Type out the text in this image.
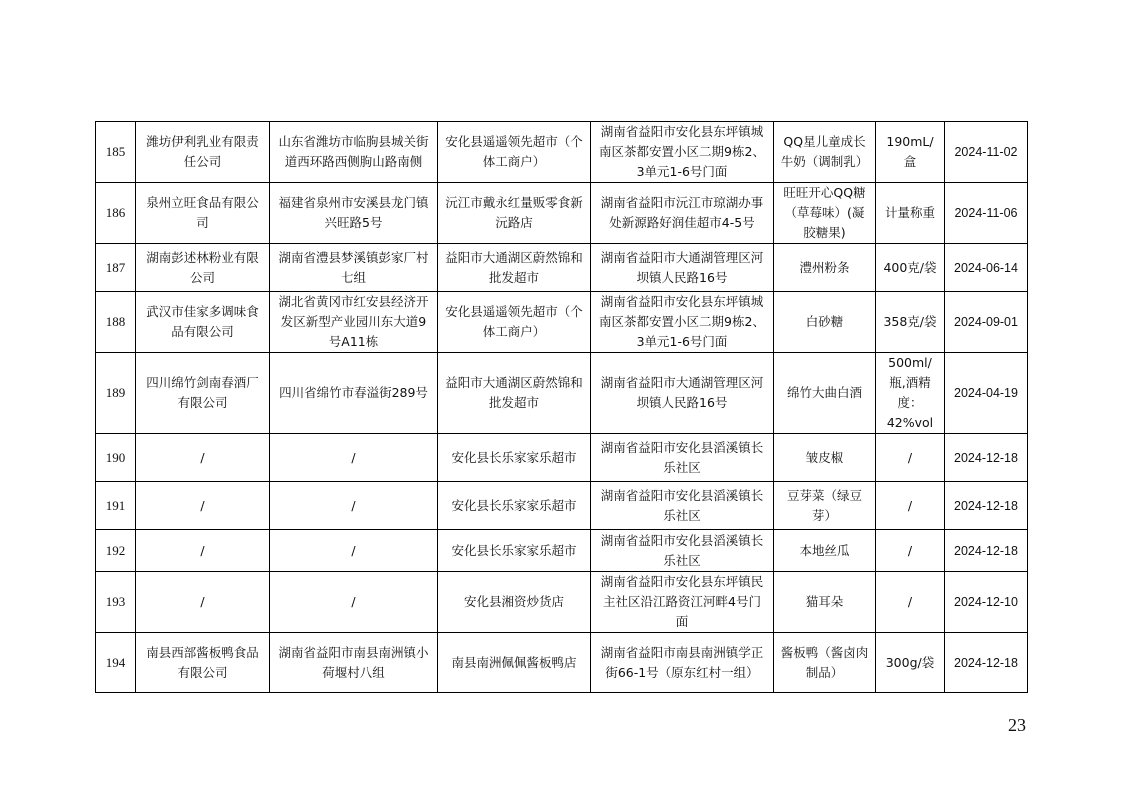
185	潍坊伊利乳业有限责任公司	山东省潍坊市临朐县城关街道西环路西侧朐山路南侧	安化县遥遥领先超市（个体工商户）	湖南省益阳市安化县东坪镇城南区茶都安置小区二期9栋2、3单元1-6号门面	QQ星儿童成长牛奶（调制乳）	190mL/盒	2024-11-02
186	泉州立旺食品有限公司	福建省泉州市安溪县龙门镇兴旺路5号	沅江市戴永红量贩零食新沅路店	湖南省益阳市沅江市琼湖办事处新源路好润佳超市4-5号	旺旺开心QQ糖（草莓味）(凝胶糖果)	计量称重	2024-11-06
187	湖南彭述林粉业有限公司	湖南省澧县梦溪镇彭家厂村七组	益阳市大通湖区蔚然锦和批发超市	湖南省益阳市大通湖管理区河坝镇人民路16号	澧州粉条	400克/袋	2024-06-14
188	武汉市佳家多调味食品有限公司	湖北省黄冈市红安县经济开发区新型产业园川东大道9号A11栋	安化县遥遥领先超市（个体工商户）	湖南省益阳市安化县东坪镇城南区茶都安置小区二期9栋2、3单元1-6号门面	白砂糖	358克/袋	2024-09-01
189	四川绵竹剑南春酒厂有限公司	四川省绵竹市春溢街289号	益阳市大通湖区蔚然锦和批发超市	湖南省益阳市大通湖管理区河坝镇人民路16号	绵竹大曲白酒	500ml/瓶,酒精度：42%vol	2024-04-19
190	/	/	安化县长乐家家乐超市	湖南省益阳市安化县滔溪镇长乐社区	皱皮椒	/	2024-12-18
191	/	/	安化县长乐家家乐超市	湖南省益阳市安化县滔溪镇长乐社区	豆芽菜（绿豆芽）	/	2024-12-18
192	/	/	安化县长乐家家乐超市	湖南省益阳市安化县滔溪镇长乐社区	本地丝瓜	/	2024-12-18
193	/	/	安化县湘资炒货店	湖南省益阳市安化县东坪镇民主社区沿江路资江河畔4号门面	猫耳朵	/	2024-12-10
194	南县西部酱板鸭食品有限公司	湖南省益阳市南县南洲镇小荷堰村八组	南县南洲佩佩酱板鸭店	湖南省益阳市南县南洲镇学正街66-1号（原东红村一组）	酱板鸭（酱卤肉制品）	300g/袋	2024-12-18
23
